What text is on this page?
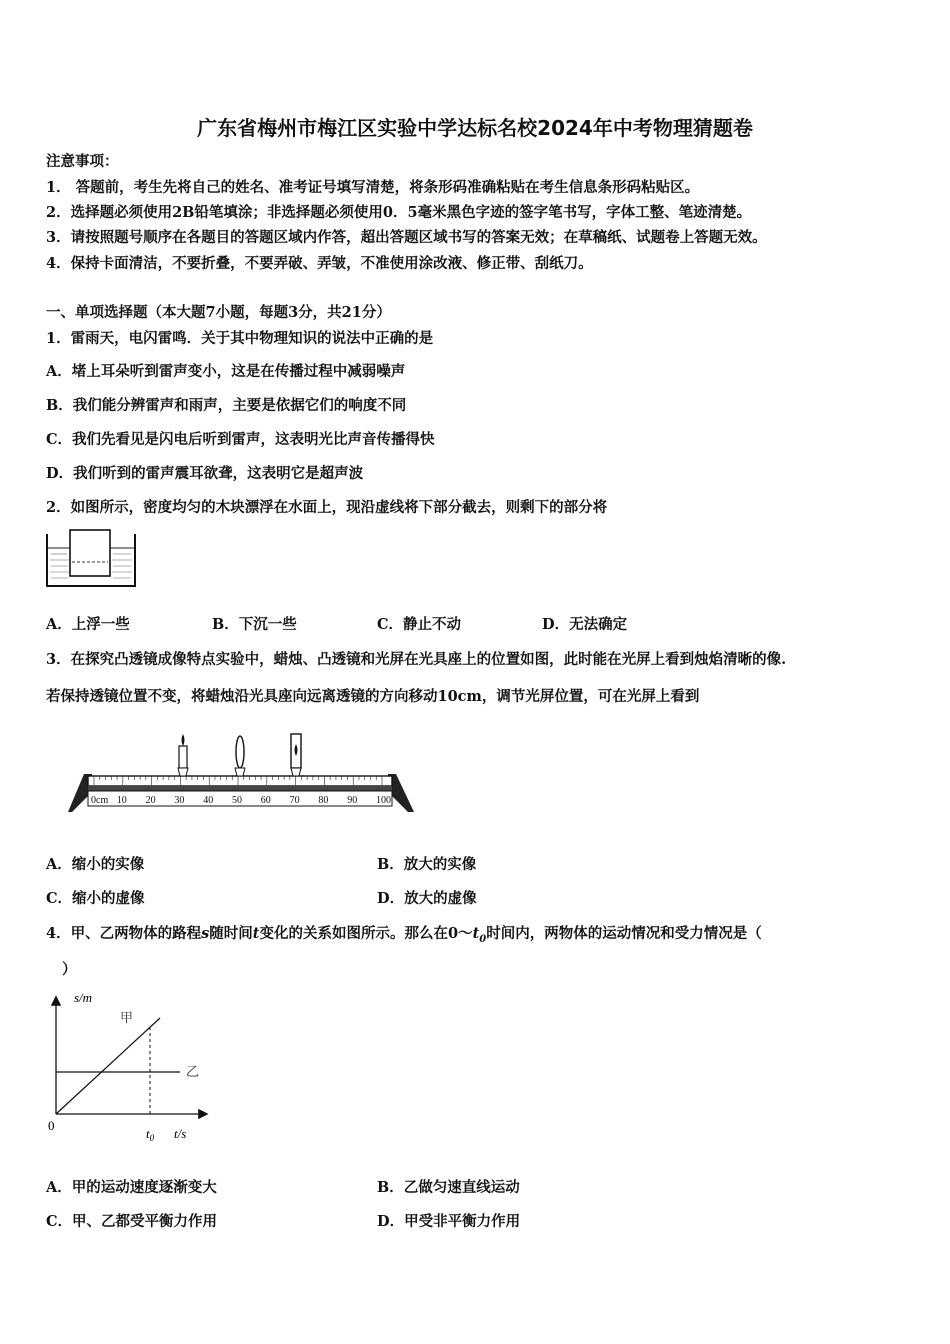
广东省梅州市梅江区实验中学达标名校2024年中考物理猜题卷
注意事项：
1． 答题前，考生先将自己的姓名、准考证号填写清楚，将条形码准确粘贴在考生信息条形码粘贴区。
2．选择题必须使用2B铅笔填涂；非选择题必须使用0．5毫米黑色字迹的签字笔书写，字体工整、笔迹清楚。
3．请按照题号顺序在各题目的答题区域内作答，超出答题区域书写的答案无效；在草稿纸、试题卷上答题无效。
4．保持卡面清洁，不要折叠，不要弄破、弄皱，不准使用涂改液、修正带、刮纸刀。
一、单项选择题（本大题7小题，每题3分，共21分）
1．雷雨天，电闪雷鸣．关于其中物理知识的说法中正确的是
A．堵上耳朵听到雷声变小，这是在传播过程中减弱噪声
B．我们能分辨雷声和雨声，主要是依据它们的响度不同
C．我们先看见是闪电后听到雷声，这表明光比声音传播得快
D．我们听到的雷声震耳欲聋，这表明它是超声波
2．如图所示，密度均匀的木块漂浮在水面上，现沿虚线将下部分截去，则剩下的部分将
A．上浮一些	B．下沉一些	C．静止不动	D．无法确定
3．在探究凸透镜成像特点实验中，蜡烛、凸透镜和光屏在光具座上的位置如图，此时能在光屏上看到烛焰清晰的像.
若保持透镜位置不变，将蜡烛沿光具座向远离透镜的方向移动10cm，调节光屏位置，可在光屏上看到
0cm 10 20 30 40 50 60 70 80 90 100
A．缩小的实像	B．放大的实像
C．缩小的虚像	D．放大的虚像
4．甲、乙两物体的路程s随时间t变化的关系如图所示。那么在$0\sim t_0$时间内，两物体的运动情况和受力情况是（
）
s/m
甲
乙
0
$t_0$ t/s
A．甲的运动速度逐渐变大	B．乙做匀速直线运动
C．甲、乙都受平衡力作用	D．甲受非平衡力作用
